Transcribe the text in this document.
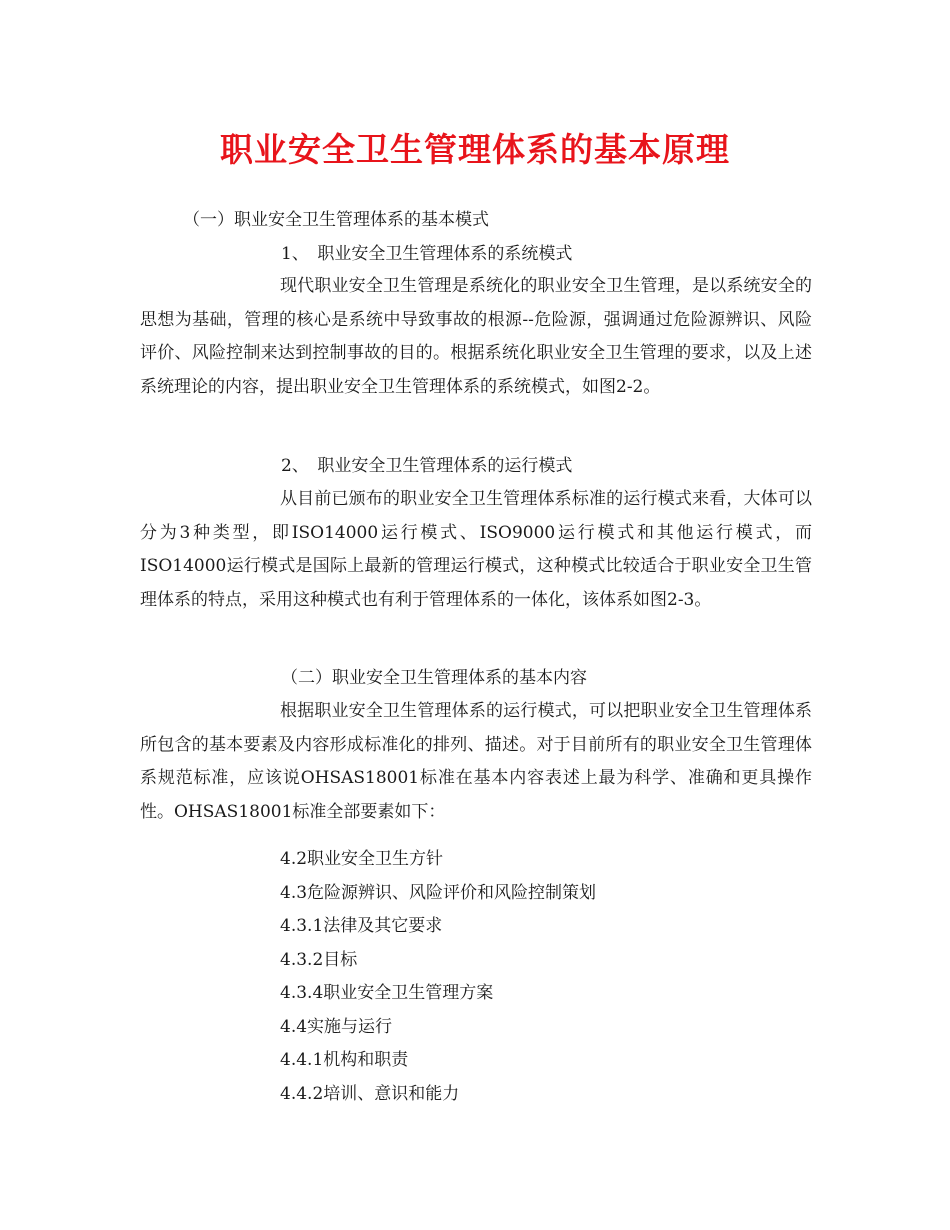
职业安全卫生管理体系的基本原理
（一）职业安全卫生管理体系的基本模式
1、　职业安全卫生管理体系的系统模式
现代职业安全卫生管理是系统化的职业安全卫生管理，是以系统安全的思想为基础，管理的核心是系统中导致事故的根源--危险源，强调通过危险源辨识、风险评价、风险控制来达到控制事故的目的。根据系统化职业安全卫生管理的要求，以及上述系统理论的内容，提出职业安全卫生管理体系的系统模式，如图2-2。
2、　职业安全卫生管理体系的运行模式
从目前已颁布的职业安全卫生管理体系标准的运行模式来看，大体可以分为3种类型，即ISO14000运行模式、ISO9000运行模式和其他运行模式，而ISO14000运行模式是国际上最新的管理运行模式，这种模式比较适合于职业安全卫生管理体系的特点，采用这种模式也有利于管理体系的一体化，该体系如图2-3。
（二）职业安全卫生管理体系的基本内容
根据职业安全卫生管理体系的运行模式，可以把职业安全卫生管理体系所包含的基本要素及内容形成标准化的排列、描述。对于目前所有的职业安全卫生管理体系规范标准，应该说OHSAS18001标准在基本内容表述上最为科学、准确和更具操作性。OHSAS18001标准全部要素如下：
4.2职业安全卫生方针
4.3危险源辨识、风险评价和风险控制策划
4.3.1法律及其它要求
4.3.2目标
4.3.4职业安全卫生管理方案
4.4实施与运行
4.4.1机构和职责
4.4.2培训、意识和能力
